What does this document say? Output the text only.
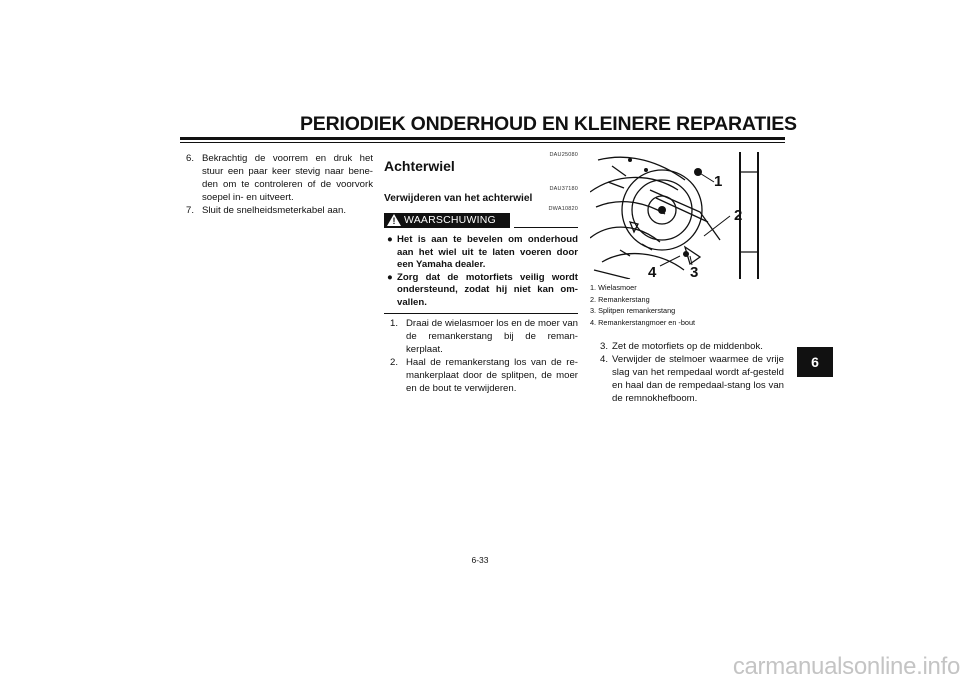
PERIODIEK ONDERHOUD EN KLEINERE REPARATIES
6. Bekrachtig de voorrem en druk het stuur een paar keer stevig naar bene-den om te controleren of de voorvork soepel in- en uitveert.
7. Sluit de snelheidsmeterkabel aan.
DAU25080
Achterwiel
DAU37180
Verwijderen van het achterwiel
DWA10820
! WAARSCHUWING
● Het is aan te bevelen om onderhoud aan het wiel uit te laten voeren door een Yamaha dealer.
● Zorg dat de motorfiets veilig wordt ondersteund, zodat hij niet kan om-vallen.
1. Draai de wielasmoer los en de moer van de remankerstang bij de reman-kerplaat.
2. Haal de remankerstang los van de re-mankerplaat door de splitpen, de moer en de bout te verwijderen.
1
2
3
4
1. Wielasmoer
2. Remankerstang
3. Splitpen remankerstang
4. Remankerstangmoer en -bout
3. Zet de motorfiets op de middenbok.
4. Verwijder de stelmoer waarmee de vrije slag van het rempedaal wordt af-gesteld en haal dan de rempedaal-stang los van de remnokhefboom.
6
6-33
carmanualsonline.info
